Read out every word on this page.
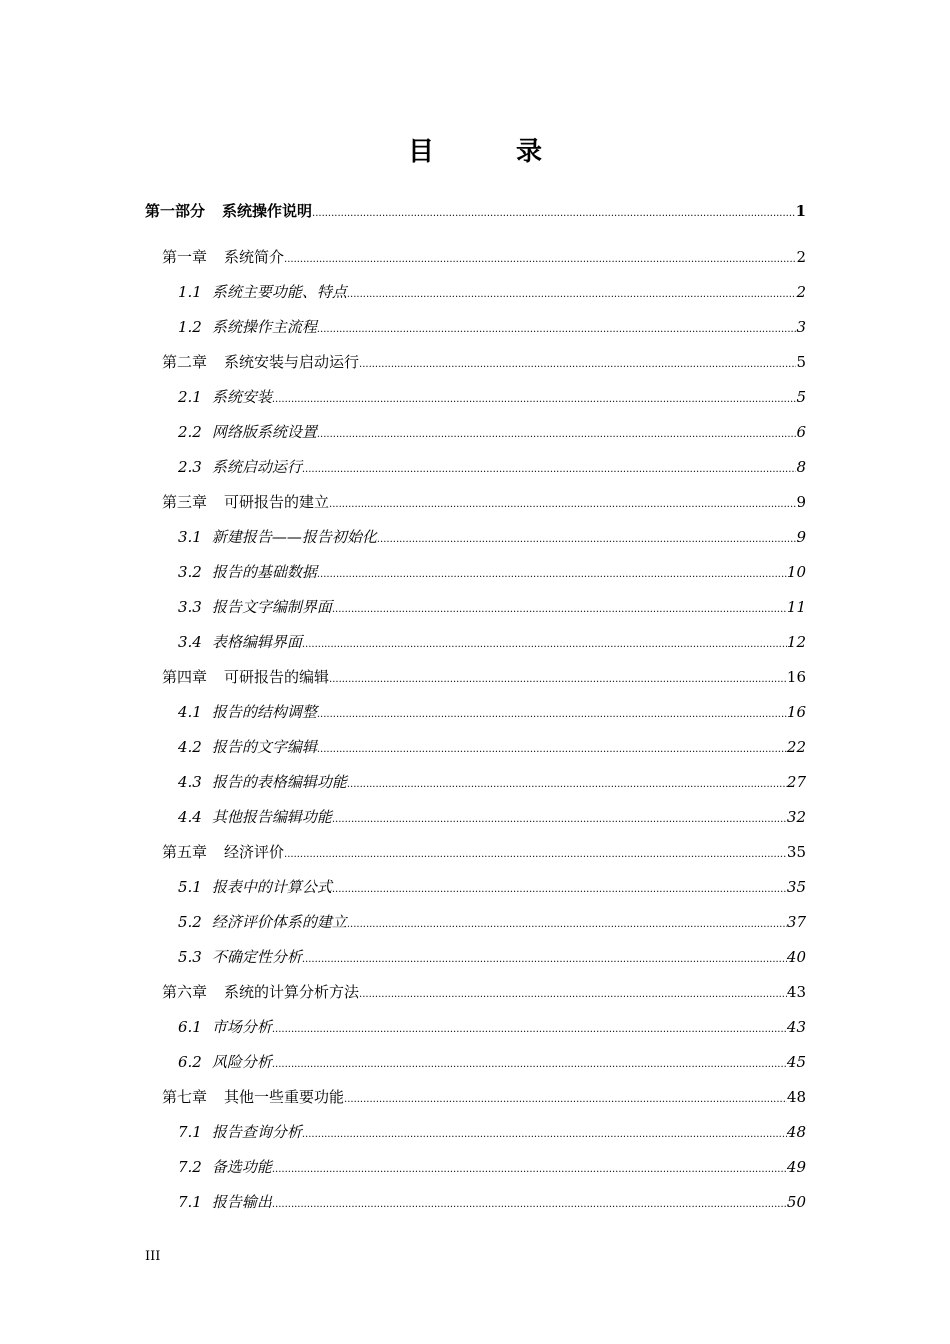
目　录
第一部分 系统操作说明 .....	1
第一章 系统简介 .....	2
1.1 系统主要功能、特点 .....	2
1.2 系统操作主流程 .....	3
第二章 系统安装与启动运行 .....	5
2.1 系统安装 .....	5
2.2 网络版系统设置 .....	6
2.3 系统启动运行 .....	8
第三章 可研报告的建立 .....	9
3.1 新建报告——报告初始化 .....	9
3.2 报告的基础数据 .....	10
3.3 报告文字编制界面 .....	11
3.4 表格编辑界面 .....	12
第四章 可研报告的编辑 .....	16
4.1 报告的结构调整 .....	16
4.2 报告的文字编辑 .....	22
4.3 报告的表格编辑功能 .....	27
4.4 其他报告编辑功能 .....	32
第五章 经济评价 .....	35
5.1 报表中的计算公式 .....	35
5.2 经济评价体系的建立 .....	37
5.3 不确定性分析 .....	40
第六章 系统的计算分析方法 .....	43
6.1 市场分析 .....	43
6.2 风险分析 .....	45
第七章 其他一些重要功能 .....	48
7.1 报告查询分析 .....	48
7.2 备选功能 .....	49
7.1 报告输出 .....	50
III
